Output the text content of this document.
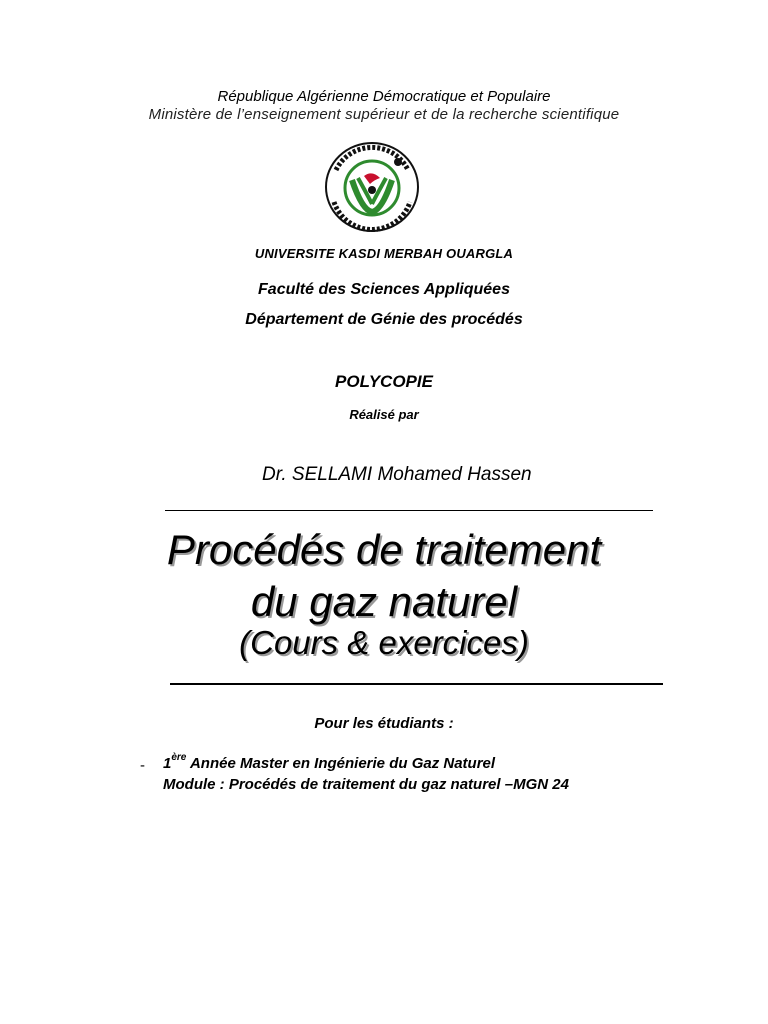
République Algérienne Démocratique et Populaire
Ministère de l’enseignement supérieur et de la recherche scientifique
UNIVERSITE KASDI MERBAH OUARGLA
Faculté des Sciences Appliquées
Département de Génie des procédés
POLYCOPIE
Réalisé par
Dr. SELLAMI Mohamed Hassen
Procédés de traitement
du gaz naturel
(Cours & exercices)
Pour les étudiants :
- 1ère Année Master en Ingénierie du Gaz Naturel
Module : Procédés de traitement du gaz naturel –MGN 24
